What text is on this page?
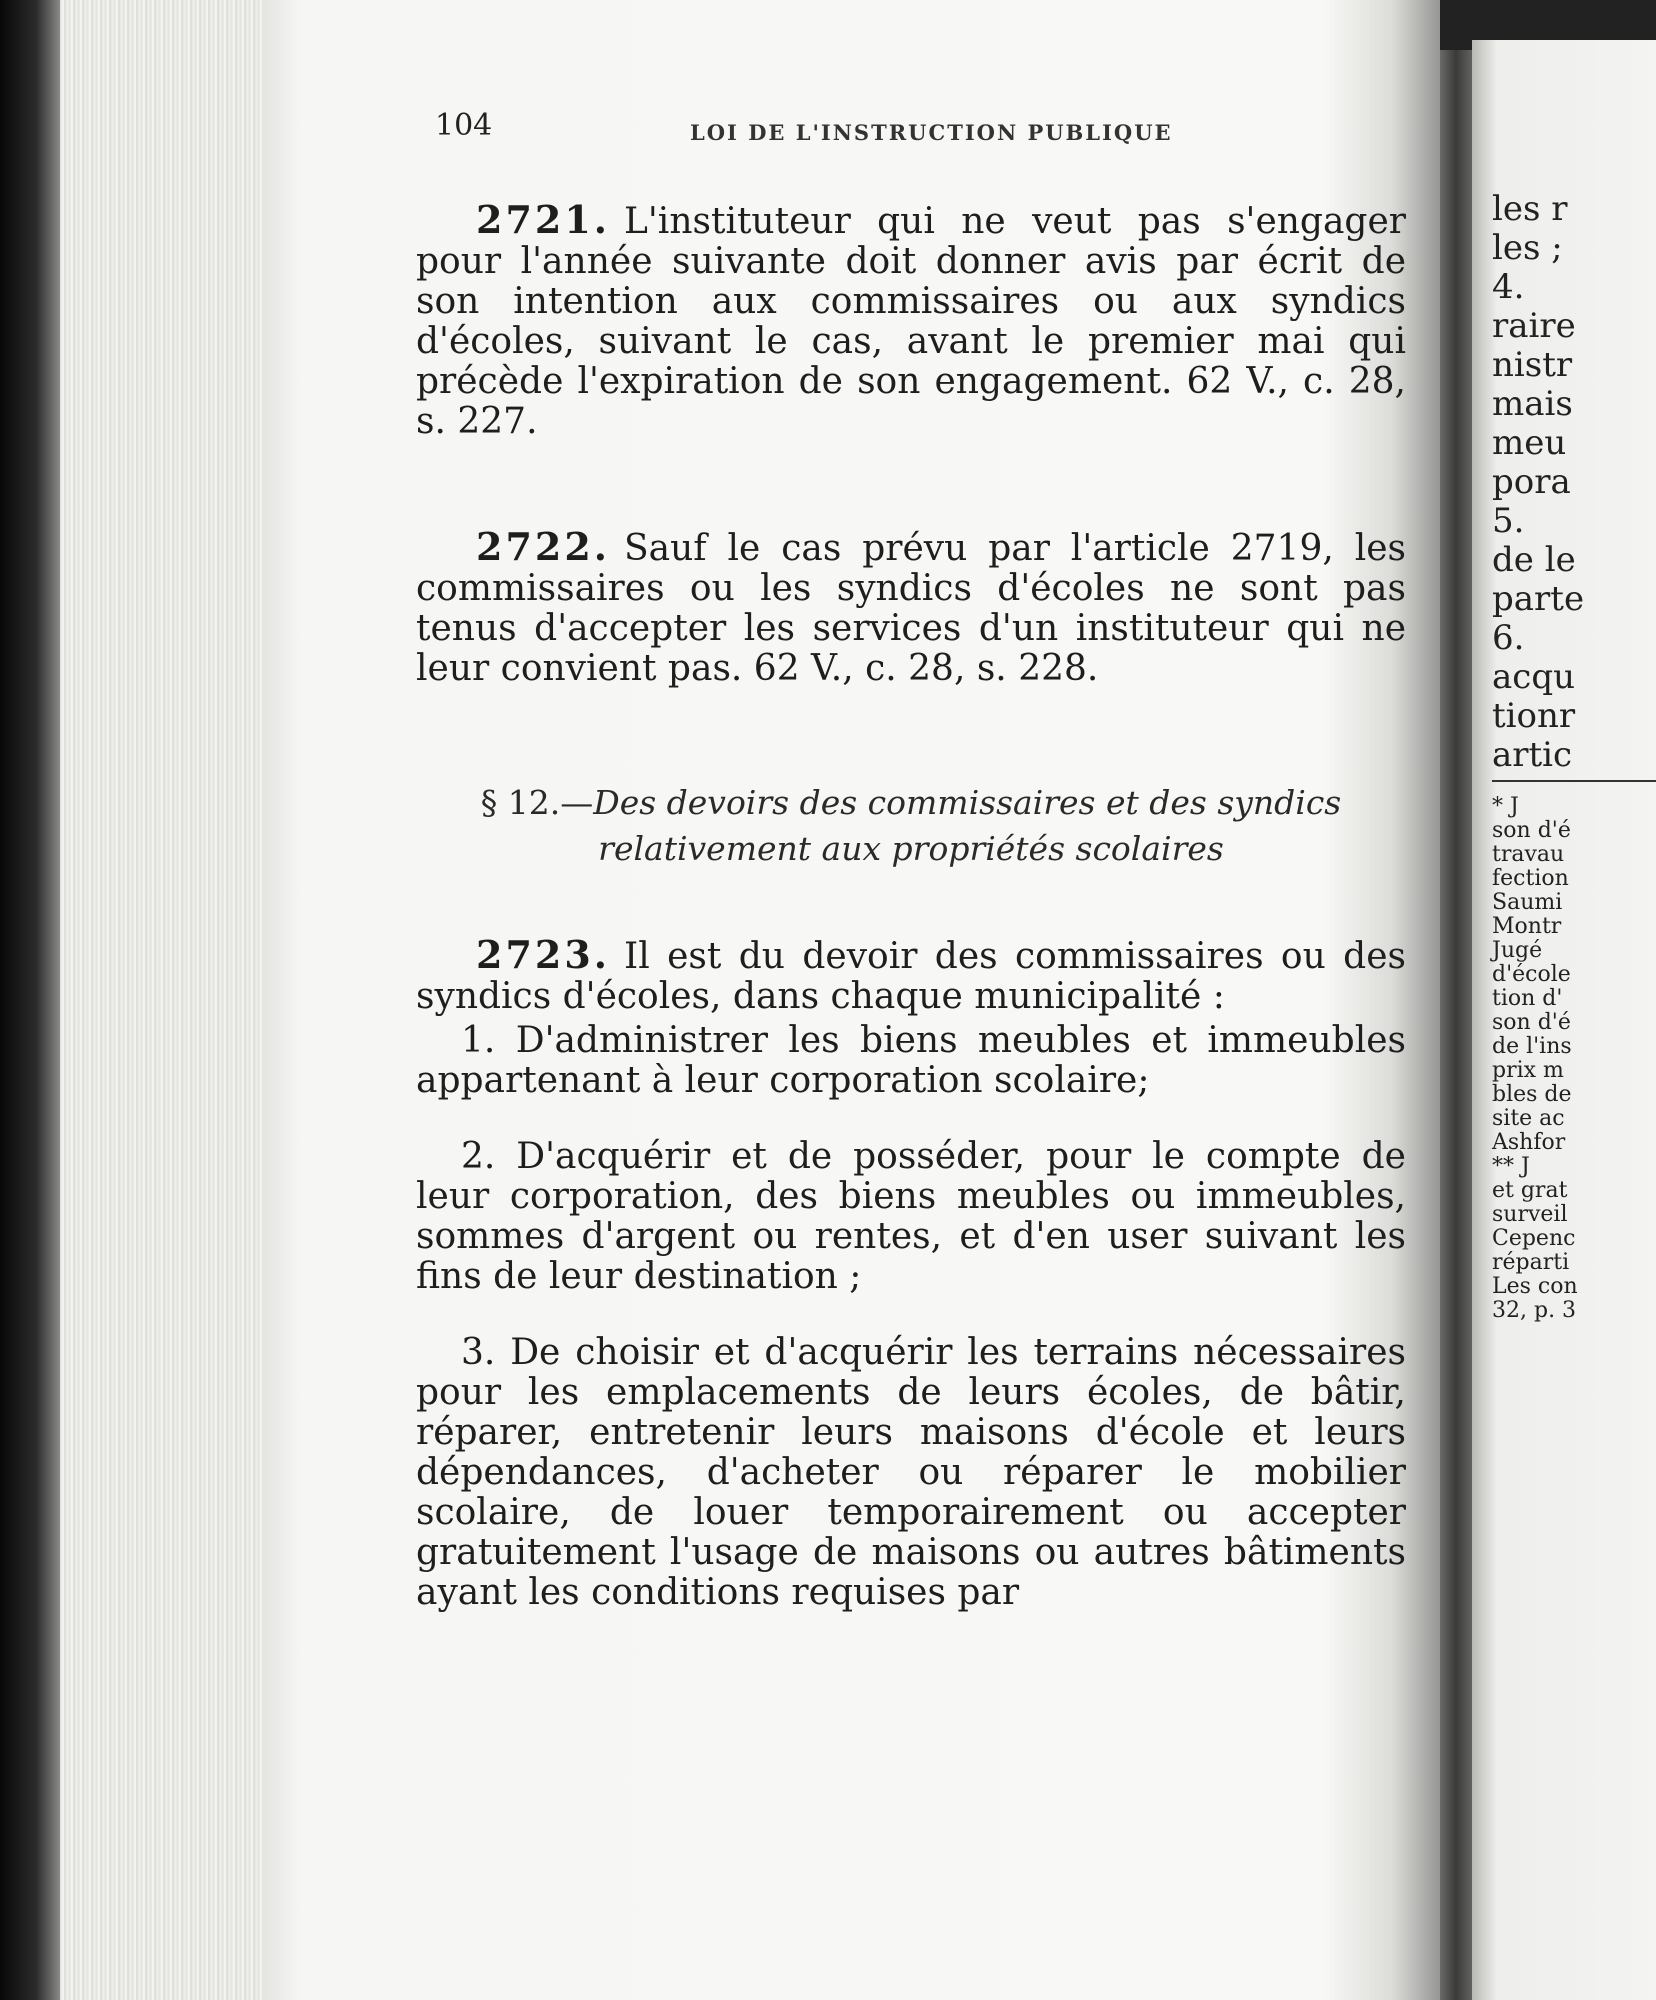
104	LOI DE L'INSTRUCTION PUBLIQUE

2721. L'instituteur qui ne veut pas s'engager pour l'année suivante doit donner avis par écrit de son intention aux commissaires ou aux syndics d'écoles, suivant le cas, avant le premier mai qui précède l'expiration de son engagement. 62 V., c. 28, s. 227.

2722. Sauf le cas prévu par l'article 2719, les commissaires ou les syndics d'écoles ne sont pas tenus d'accepter les services d'un instituteur qui ne leur convient pas. 62 V., c. 28, s. 228.

§ 12.—Des devoirs des commissaires et des syndics
relativement aux propriétés scolaires

2723. Il est du devoir des commissaires ou des syndics d'écoles, dans chaque municipalité :

1. D'administrer les biens meubles et immeubles appartenant à leur corporation scolaire;

2. D'acquérir et de posséder, pour le compte de leur corporation, des biens meubles ou immeubles, sommes d'argent ou rentes, et d'en user suivant les fins de leur destination ;

3. De choisir et d'acquérir les terrains nécessaires pour les emplacements de leurs écoles, de bâtir, réparer, entretenir leurs maisons d'école et leurs dépendances, d'acheter ou réparer le mobilier scolaire, de louer temporairement ou accepter gratuitement l'usage de maisons ou autres bâtiments ayant les conditions requises par

les r
les ;
4.
raire
nistr
mais
meu
pora
5.
de le
parte
6.
acqu
tionr
artic
* J
son d'é
travau
fection
Saumi
Montr
Jugé
d'école
tion d'
son d'é
de l'ins
prix m
bles de
site ac
Ashfor
** J
et grat
surveil
Cepenc
réparti
Les con
32, p. 3
